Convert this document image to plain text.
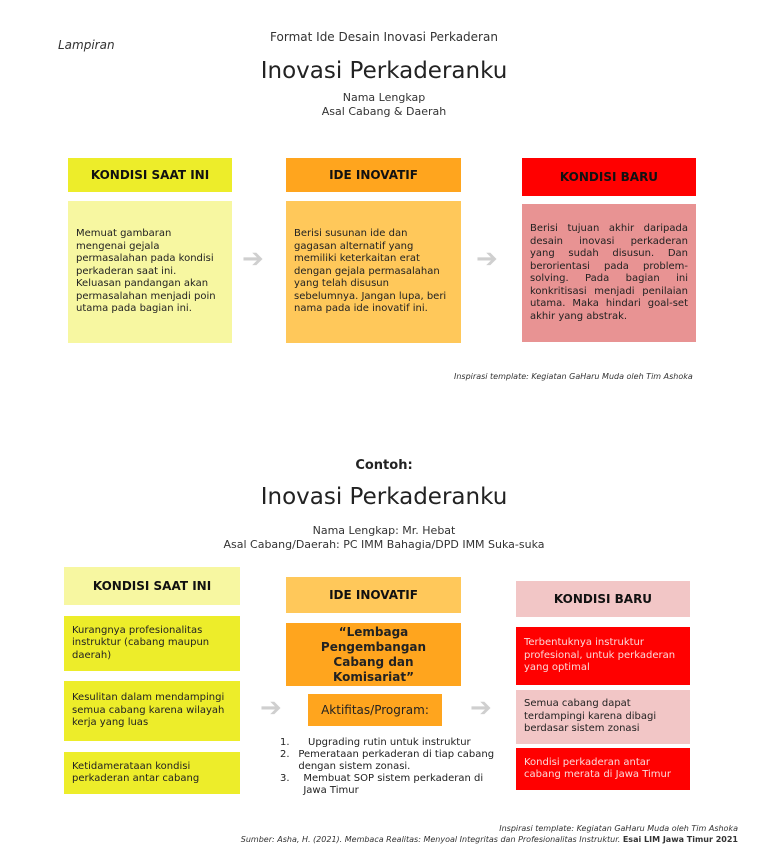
Lampiran
Format Ide Desain Inovasi Perkaderan
Inovasi Perkaderanku
Nama Lengkap
Asal Cabang & Daerah
KONDISI SAAT INI	IDE INOVATIF	KONDISI BARU
Memuat gambaran mengenai gejala permasalahan pada kondisi perkaderan saat ini. Keluasan pandangan akan permasalahan menjadi poin utama pada bagian ini.
Berisi susunan ide dan gagasan alternatif yang memiliki keterkaitan erat dengan gejala permasalahan yang telah disusun sebelumnya. Jangan lupa, beri nama pada ide inovatif ini.
Berisi tujuan akhir daripada desain inovasi perkaderan yang sudah disusun. Dan berorientasi pada problem-solving. Pada bagian ini konkritisasi menjadi penilaian utama. Maka hindari goal-set akhir yang abstrak.
➔	➔
Inspirasi template: Kegiatan GaHaru Muda oleh Tim Ashoka
Contoh:
Inovasi Perkaderanku
Nama Lengkap: Mr. Hebat
Asal Cabang/Daerah: PC IMM Bahagia/DPD IMM Suka-suka
KONDISI SAAT INI
IDE INOVATIF	KONDISI BARU
Kurangnya profesionalitas instruktur (cabang maupun daerah)
Kesulitan dalam mendampingi semua cabang karena wilayah kerja yang luas
Ketidamerataan kondisi perkaderan antar cabang
“Lembaga Pengembangan Cabang dan Komisariat”
Aktifitas/Program:
1.	Upgrading rutin untuk instruktur
2. Pemerataan perkaderan di tiap cabang dengan sistem zonasi.
3.	Membuat SOP sistem perkaderan di Jawa Timur
Terbentuknya instruktur profesional, untuk perkaderan yang optimal
Semua cabang dapat terdampingi karena dibagi berdasar sistem zonasi
Kondisi perkaderan antar cabang merata di Jawa Timur
➔	➔
Inspirasi template: Kegiatan GaHaru Muda oleh Tim Ashoka
Sumber: Asha, H. (2021). Membaca Realitas: Menyoal Integritas dan Profesionalitas Instruktur. Esai LIM Jawa Timur 2021
